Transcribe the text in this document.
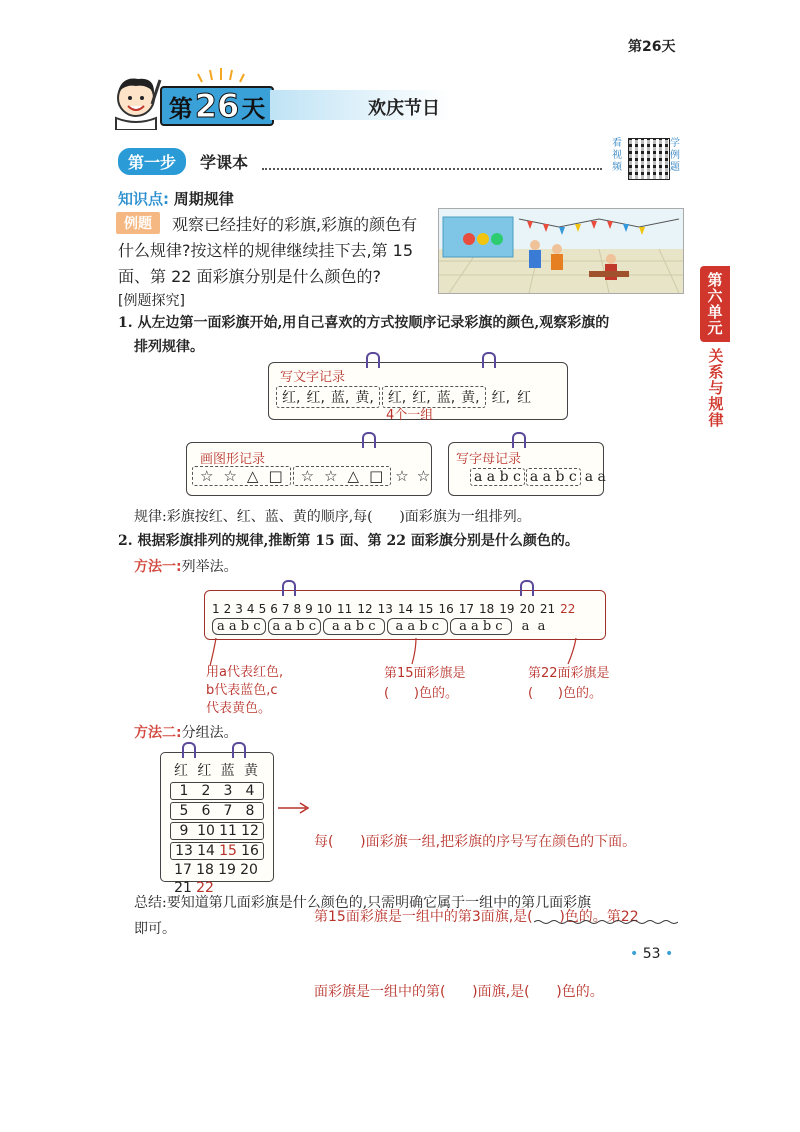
第26天
第 26 天	欢庆节日
第一步	学课本
看视频
学例题
知识点: 周期规律
例题	观察已经挂好的彩旗,彩旗的颜色有
什么规律?按这样的规律继续挂下去,第 15
面、第 22 面彩旗分别是什么颜色的?
[例题探究]
1. 从左边第一面彩旗开始,用自己喜欢的方式按顺序记录彩旗的颜色,观察彩旗的
排列规律。
写文字记录
红, 红, 蓝, 黄, 红, 红, 蓝, 黄, 红, 红
4个一组
画图形记录
☆ ☆ △ □ ☆ ☆ △ □ ☆ ☆
写字母记录
a a b c a a b c a a
规律:彩旗按红、红、蓝、黄的顺序,每(      )面彩旗为一组排列。
2. 根据彩旗排列的规律,推断第 15 面、第 22 面彩旗分别是什么颜色的。
方法一:列举法。
1 2 3 4 5 6 7 8 9 10 11 12 13 14 15 16 17 18 19 20 21 22
a a b c a a b c	a a b c	a a b c	a a b c	a  a
用a代表红色,
b代表蓝色,c
代表黄色。
第15面彩旗是
(      )色的。
第22面彩旗是
(      )色的。
方法二:分组法。
红 红 蓝 黄
1 2 3 4
5 6 7 8
9 10 11 12
13 14 15 16
17 18 19 20
21 22

每(      )面彩旗一组,把彩旗的序号写在颜色的下面。

第15面彩旗是一组中的第3面旗,是(      )色的。第22

面彩旗是一组中的第(      )面旗,是(      )色的。

总结:要知道第几面彩旗是什么颜色的,只需明确它属于一组中的第几面彩旗
即可。
第六单元
关系与规律
• 53 •
